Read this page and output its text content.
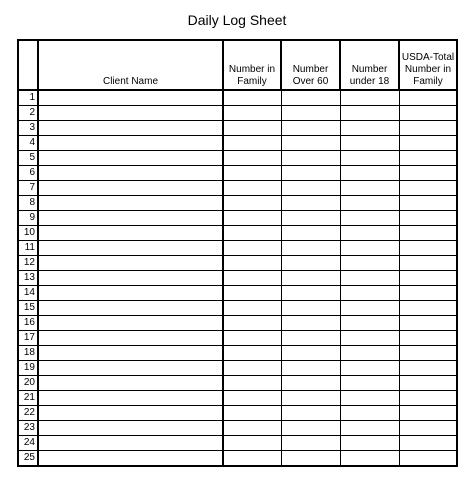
Daily Log Sheet
	Client Name	Number in Family	Number Over 60	Number under 18	USDA-Total Number in Family
1					
2					
3					
4					
5					
6					
7					
8					
9					
10					
11					
12					
13					
14					
15					
16					
17					
18					
19					
20					
21					
22					
23					
24					
25					
